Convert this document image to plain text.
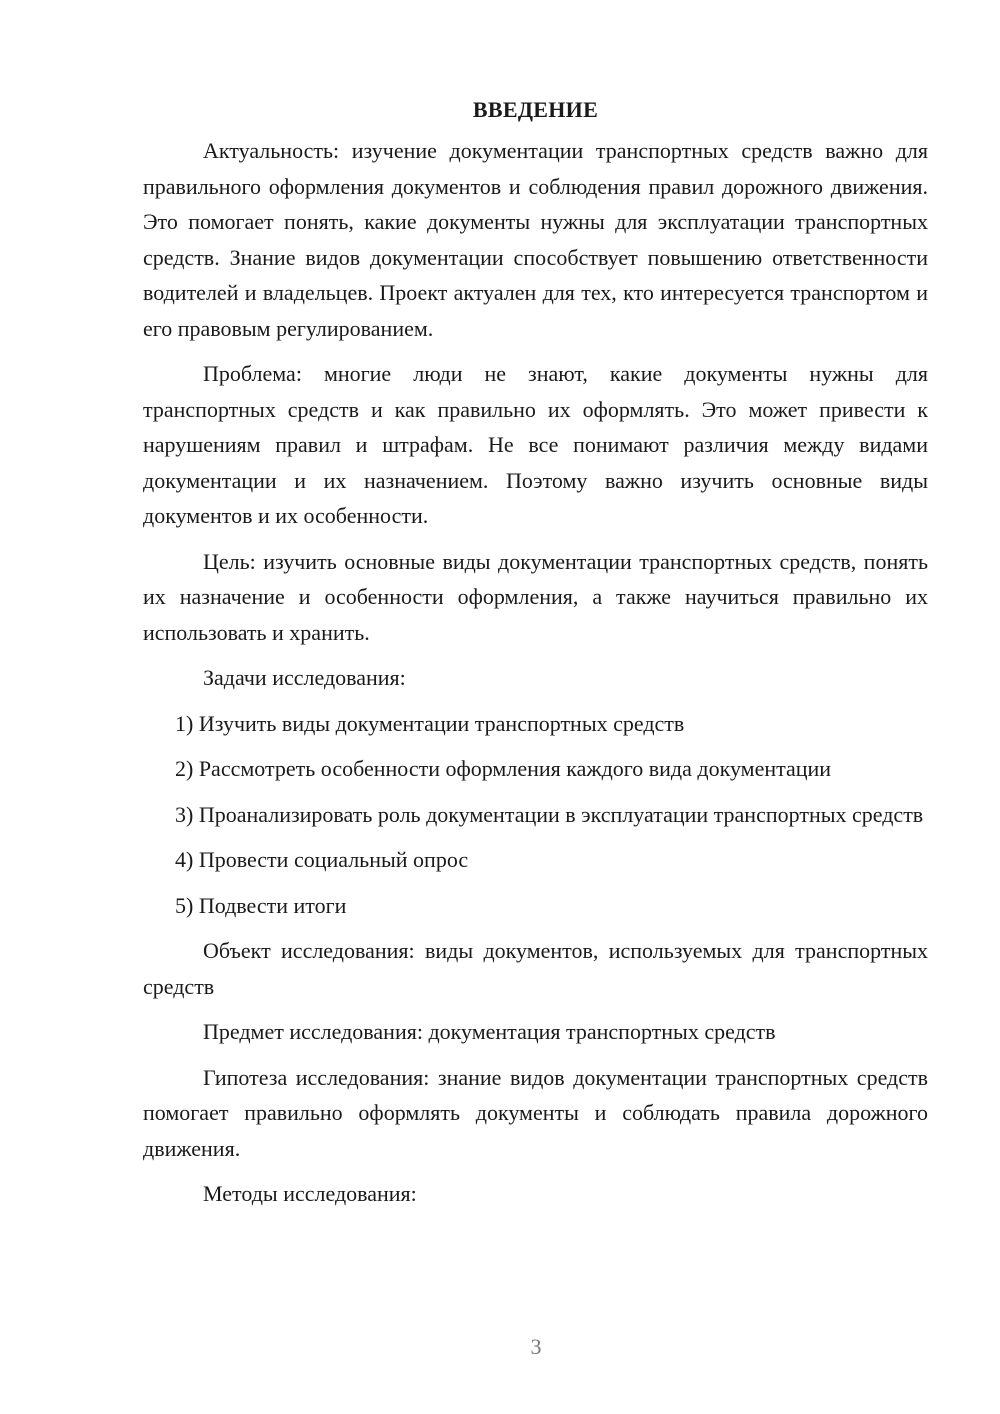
ВВЕДЕНИЕ

Актуальность: изучение документации транспортных средств важно для правильного оформления документов и соблюдения правил дорожного движения. Это помогает понять, какие документы нужны для эксплуатации транспортных средств. Знание видов документации способствует повышению ответственности водителей и владельцев. Проект актуален для тех, кто интересуется транспортом и его правовым регулированием.

Проблема: многие люди не знают, какие документы нужны для транспортных средств и как правильно их оформлять. Это может привести к нарушениям правил и штрафам. Не все понимают различия между видами документации и их назначением. Поэтому важно изучить основные виды документов и их особенности.

Цель: изучить основные виды документации транспортных средств, понять их назначение и особенности оформления, а также научиться правильно их использовать и хранить.

Задачи исследования:

1) Изучить виды документации транспортных средств

2) Рассмотреть особенности оформления каждого вида документации

3) Проанализировать роль документации в эксплуатации транспортных средств

4) Провести социальный опрос

5) Подвести итоги

Объект исследования: виды документов, используемых для транспортных средств

Предмет исследования: документация транспортных средств

Гипотеза исследования: знание видов документации транспортных средств помогает правильно оформлять документы и соблюдать правила дорожного движения.

Методы исследования:

3
